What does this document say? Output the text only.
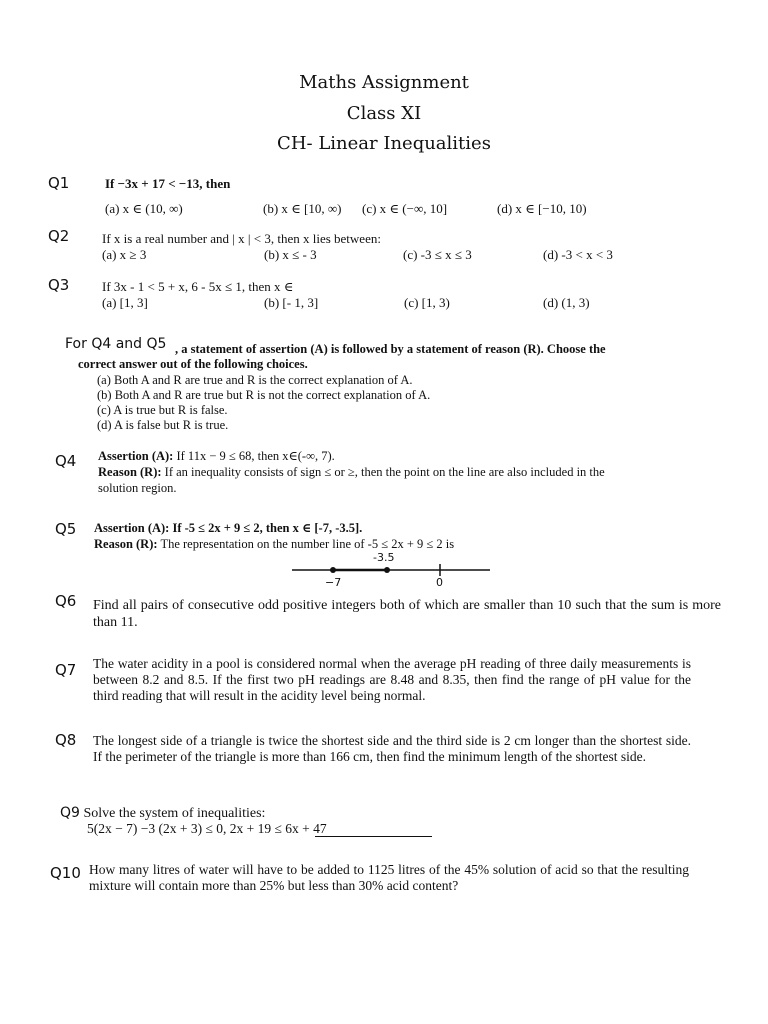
Maths Assignment
Class XI
CH- Linear Inequalities
Q1	If −3x + 17 < −13, then
(a) x ∈ (10, ∞)	(b) x ∈ [10, ∞) (c) x ∈ (−∞, 10]	(d) x ∈ [−10, 10)
Q2	If x is a real number and | x | < 3, then x lies between:
(a) x ≥ 3	(b) x ≤ - 3	(c) -3 ≤ x ≤ 3	(d) -3 < x < 3
Q3	If 3x - 1 < 5 + x, 6 - 5x ≤ 1, then x ∈
(a) [1, 3]	(b) [- 1, 3]	(c) [1, 3)	(d) (1, 3)
For Q4 and Q5 , a statement of assertion (A) is followed by a statement of reason (R). Choose the
correct answer out of the following choices.
(a) Both A and R are true and R is the correct explanation of A.
(b) Both A and R are true but R is not the correct explanation of A.
(c) A is true but R is false.
(d) A is false but R is true.
Q4 Assertion (A): If 11x − 9 ≤ 68, then x∈(-∞, 7).
Reason (R): If an inequality consists of sign ≤ or ≥, then the point on the line are also included in the
solution region.
Q5 Assertion (A): If -5 ≤ 2x + 9 ≤ 2, then x ∈ [-7, -3.5].
Reason (R): The representation on the number line of -5 ≤ 2x + 9 ≤ 2 is
-3.5
−7	0
Q6 Find all pairs of consecutive odd positive integers both of which are smaller than 10 such that the sum is more than 11.
Q7 The water acidity in a pool is considered normal when the average pH reading of three daily measurements is between 8.2 and 8.5. If the first two pH readings are 8.48 and 8.35, then find the range of pH value for the third reading that will result in the acidity level being normal.
Q8 The longest side of a triangle is twice the shortest side and the third side is 2 cm longer than the shortest side. If the perimeter of the triangle is more than 166 cm, then find the minimum length of the shortest side.
Q9 Solve the system of inequalities:
5(2x − 7) −3 (2x + 3) ≤ 0, 2x + 19 ≤ 6x + 47
Q10 How many litres of water will have to be added to 1125 litres of the 45% solution of acid so that the resulting mixture will contain more than 25% but less than 30% acid content?
